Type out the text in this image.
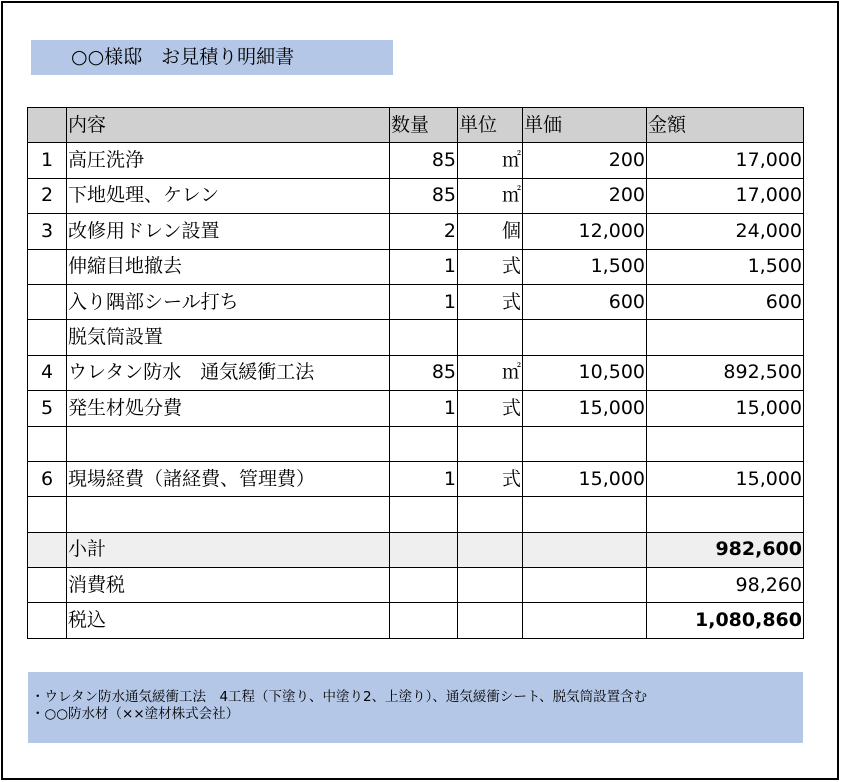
○○様邸　お見積り明細書
	内容	数量	単位	単価	金額
1	高圧洗浄	85	㎡	200	17,000
2	下地処理、ケレン	85	㎡	200	17,000
3	改修用ドレン設置	2	個	12,000	24,000
	伸縮目地撤去	1	式	1,500	1,500
	入り隅部シール打ち	1	式	600	600
	脱気筒設置				
4	ウレタン防水　通気緩衝工法	85	㎡	10,500	892,500
5	発生材処分費	1	式	15,000	15,000

6	現場経費（諸経費、管理費）	1	式	15,000	15,000

	小計				982,600
	消費税				98,260
	税込				1,080,860
・ウレタン防水通気緩衝工法　4工程（下塗り、中塗り2、上塗り）、通気緩衝シート、脱気筒設置含む
・○○防水材（××塗材株式会社）
